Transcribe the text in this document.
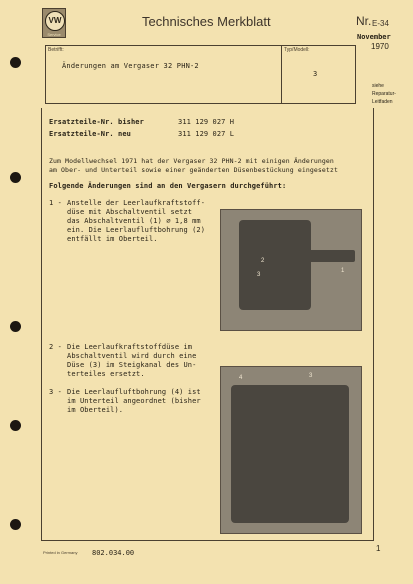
VW
Service
Technisches Merkblatt	Nr. E-34
November
1970
Betrifft:
Änderungen am Vergaser 32 PHN-2
Typ/Modell:
3
siehe
Reparatur-
Leitfaden
Ersatzteile-Nr. bisher	311 129 027 H
Ersatzteile-Nr. neu	311 129 027 L
Zum Modellwechsel 1971 hat der Vergaser 32 PHN-2 mit einigen Änderungen
am Ober- und Unterteil sowie einer geänderten Düsenbestückung eingesetzt
Folgende Änderungen sind an den Vergasern durchgeführt:
1 - Anstelle der Leerlaufkraftstoff-
düse mit Abschaltventil setzt
das Abschaltventil (1) ∅ 1,8 mm
ein. Die Leerlaufluftbohrung (2)
entfällt im Oberteil.
2
3
1
2 - Die Leerlaufkraftstoffdüse im
Abschaltventil wird durch eine
Düse (3) im Steigkanal des Un-
terteiles ersetzt.
3 - Die Leerlaufluftbohrung (4) ist
im Unterteil angeordnet (bisher
im Oberteil).
4	3
Printed in Germany 802.034.00	1
